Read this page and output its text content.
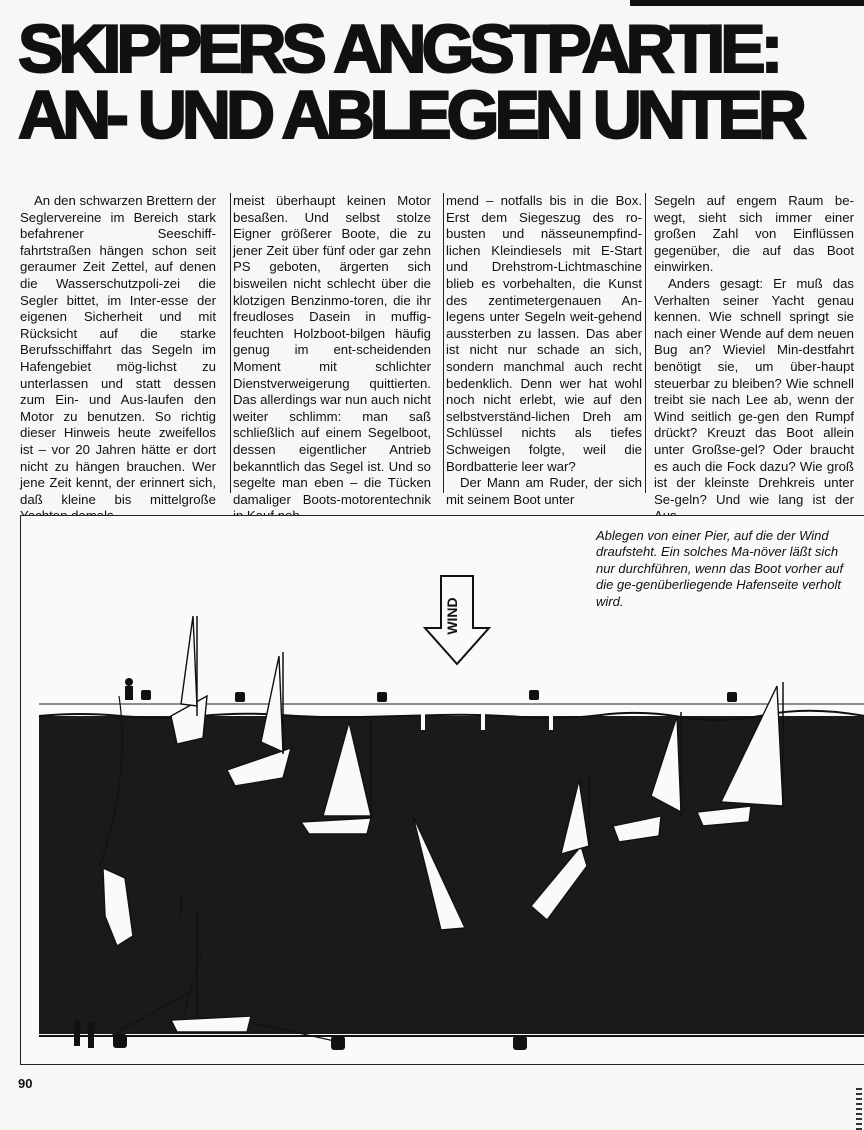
SKIPPERS ANGSTPARTIE:
AN- UND ABLEGEN UNTER

An den schwarzen Brettern der Seglervereine im Bereich stark befahrener Seeschiff-fahrtstraßen hängen schon seit geraumer Zeit Zettel, auf denen die Wasserschutzpoli-zei die Segler bittet, im Inter-esse der eigenen Sicherheit und mit Rücksicht auf die starke Berufsschiffahrt das Segeln im Hafengebiet mög-lichst zu unterlassen und statt dessen zum Ein- und Aus-laufen den Motor zu benutzen. So richtig dieser Hinweis heute zweifellos ist – vor 20 Jahren hätte er dort nicht zu hängen brauchen. Wer jene Zeit kennt, der erinnert sich, daß kleine bis mittelgroße

meist überhaupt keinen Motor besaßen. Und selbst stolze Eigner größerer Boote, die zu jener Zeit über fünf oder gar zehn PS geboten, ärgerten sich bisweilen nicht schlecht über die klotzigen Benzinmo-toren, die ihr freudloses Dasein in muffig-feuchten Holzboot-bilgen häufig genug im ent-scheidenden Moment mit schlichter Dienstverweigerung quittierten. Das allerdings war nun auch nicht weiter schlimm: man saß schließlich auf einem Segelboot, dessen eigentlicher Antrieb bekanntlich das Segel ist. Und so segelte man eben – die Tücken damaliger Boots-motorentechnik

mend – notfalls bis in die Box. Erst dem Siegeszug des ro-busten und nässeunempfind-lichen Kleindiesels mit E-Start und Drehstrom-Lichtmaschine blieb es vorbehalten, die Kunst des zentimetergenauen An-legens unter Segeln weit-gehend aussterben zu lassen. Das aber ist nicht nur schade an sich, sondern manchmal auch recht bedenklich. Denn wer hat wohl noch nicht erlebt, wie auf den selbstverständ-lichen Dreh am Schlüssel nichts als tiefes Schweigen folgte, weil die Bordbatterie leer war?

Der Mann am Ruder, der sich mit seinem Boot unter

Segeln auf engem Raum be-wegt, sieht sich immer einer großen Zahl von Einflüssen gegenüber, die auf das Boot einwirken.

Anders gesagt: Er muß das Verhalten seiner Yacht genau kennen. Wie schnell springt sie nach einer Wende auf dem neuen Bug an? Wieviel Min-destfahrt benötigt sie, um über-haupt steuerbar zu bleiben? Wie schnell treibt sie nach Lee ab, wenn der Wind seitlich ge-gen den Rumpf drückt? Kreuzt das Boot allein unter Großse-gel? Oder braucht es auch die Fock dazu? Wie groß ist der kleinste Drehkreis unter Se-geln? Und wie lang ist der

WIND
Ablegen von einer Pier, auf die der Wind draufsteht. Ein solches Ma-növer läßt sich nur durchführen, wenn das Boot vorher auf die ge-genüberliegende Hafenseite verholt wird.
90
